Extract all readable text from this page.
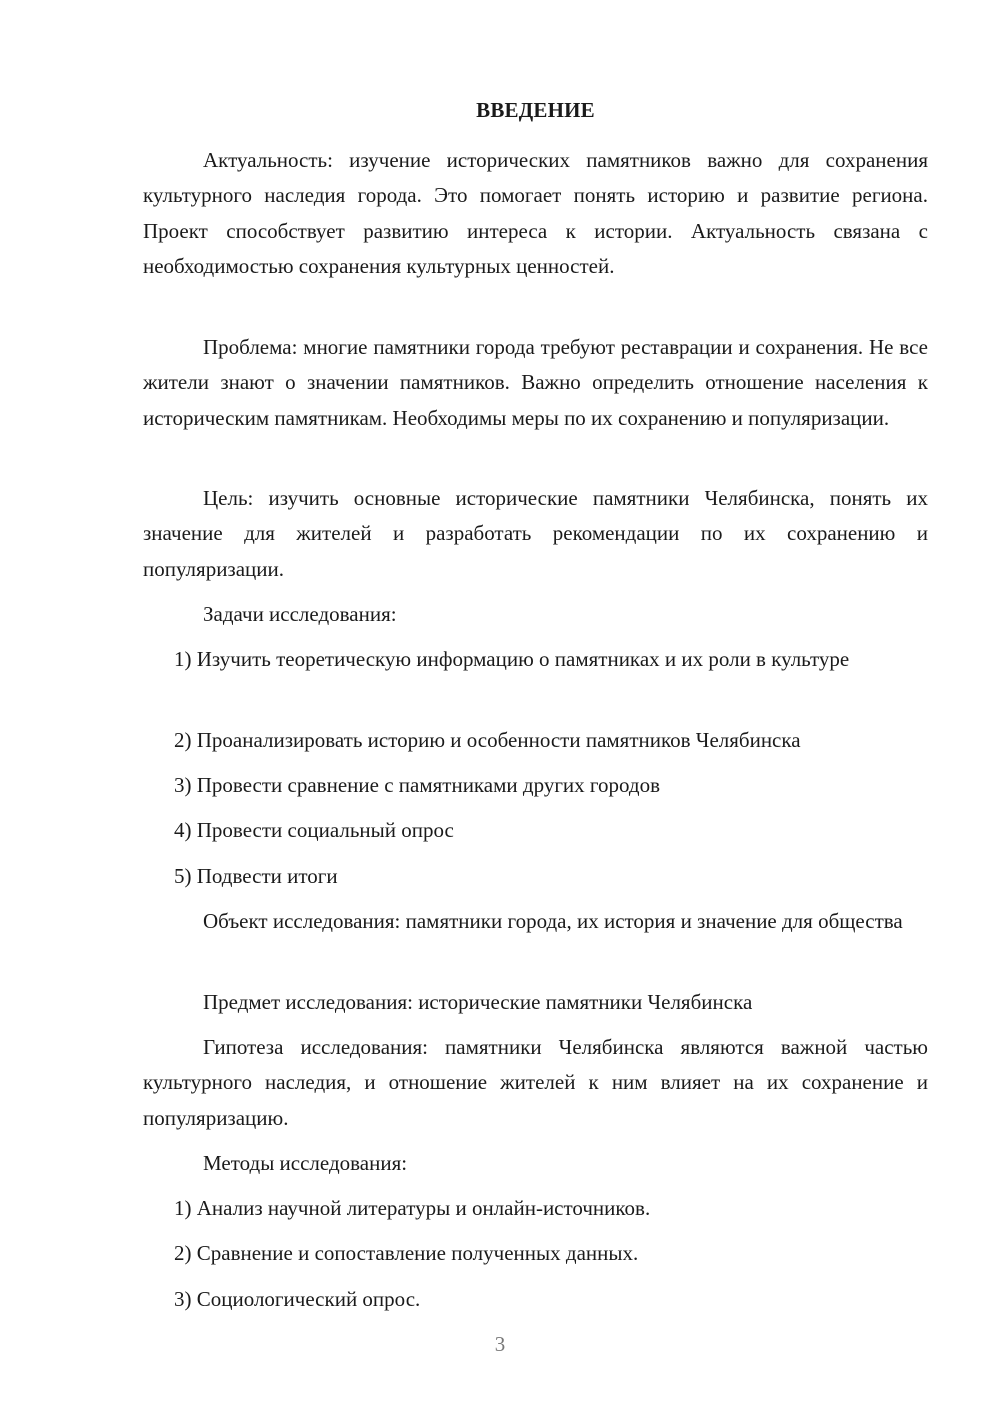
ВВЕДЕНИЕ

Актуальность: изучение исторических памятников важно для сохранения культурного наследия города. Это помогает понять историю и развитие региона. Проект способствует развитию интереса к истории. Актуальность связана с необходимостью сохранения культурных ценностей.

Проблема: многие памятники города требуют реставрации и сохранения. Не все жители знают о значении памятников. Важно определить отношение населения к историческим памятникам. Необходимы меры по их сохранению и популяризации.

Цель: изучить основные исторические памятники Челябинска, понять их значение для жителей и разработать рекомендации по их сохранению и популяризации.

Задачи исследования:

1) Изучить теоретическую информацию о памятниках и их роли в культуре

2) Проанализировать историю и особенности памятников Челябинска

3) Провести сравнение с памятниками других городов

4) Провести социальный опрос

5) Подвести итоги

Объект исследования: памятники города, их история и значение для общества

Предмет исследования: исторические памятники Челябинска

Гипотеза исследования: памятники Челябинска являются важной частью культурного наследия, и отношение жителей к ним влияет на их сохранение и популяризацию.

Методы исследования:

1) Анализ научной литературы и онлайн-источников.

2) Сравнение и сопоставление полученных данных.

3) Социологический опрос.

3
